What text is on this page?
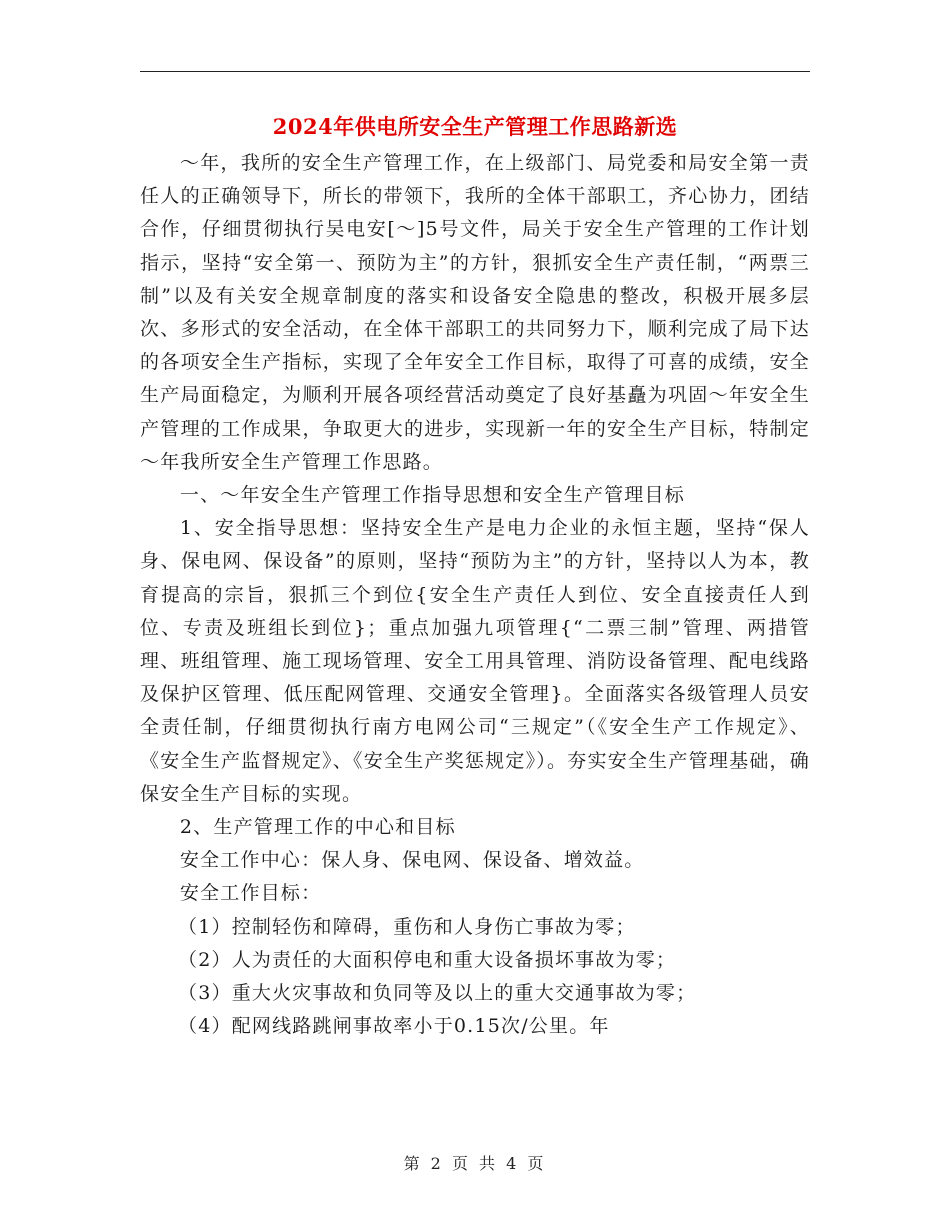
2024年供电所安全生产管理工作思路新选

～年，我所的安全生产管理工作，在上级部门、局党委和局安全第一责任人的正确领导下，所长的带领下，我所的全体干部职工，齐心协力，团结合作，仔细贯彻执行吴电安[～]5号文件，局关于安全生产管理的工作计划指示，坚持“安全第一、预防为主”的方针，狠抓安全生产责任制，“两票三制”以及有关安全规章制度的落实和设备安全隐患的整改，积极开展多层次、多形式的安全活动，在全体干部职工的共同努力下，顺利完成了局下达的各项安全生产指标，实现了全年安全工作目标，取得了可喜的成绩，安全生产局面稳定，为顺利开展各项经营活动奠定了良好基矗为巩固～年安全生产管理的工作成果，争取更大的进步，实现新一年的安全生产目标，特制定～年我所安全生产管理工作思路。

一、～年安全生产管理工作指导思想和安全生产管理目标

1、安全指导思想：坚持安全生产是电力企业的永恒主题，坚持“保人身、保电网、保设备”的原则，坚持“预防为主”的方针，坚持以人为本，教育提高的宗旨，狠抓三个到位{安全生产责任人到位、安全直接责任人到位、专责及班组长到位}；重点加强九项管理{“二票三制”管理、两措管理、班组管理、施工现场管理、安全工用具管理、消防设备管理、配电线路及保护区管理、低压配网管理、交通安全管理}。全面落实各级管理人员安全责任制，仔细贯彻执行南方电网公司“三规定”（《安全生产工作规定》、《安全生产监督规定》、《安全生产奖惩规定》）。夯实安全生产管理基础，确保安全生产目标的实现。

2、生产管理工作的中心和目标

安全工作中心：保人身、保电网、保设备、增效益。

安全工作目标：

（1）控制轻伤和障碍，重伤和人身伤亡事故为零；

（2）人为责任的大面积停电和重大设备损坏事故为零；

（3）重大火灾事故和负同等及以上的重大交通事故为零；

（4）配网线路跳闸事故率小于0.15次/公里。年

第 2 页 共 4 页
